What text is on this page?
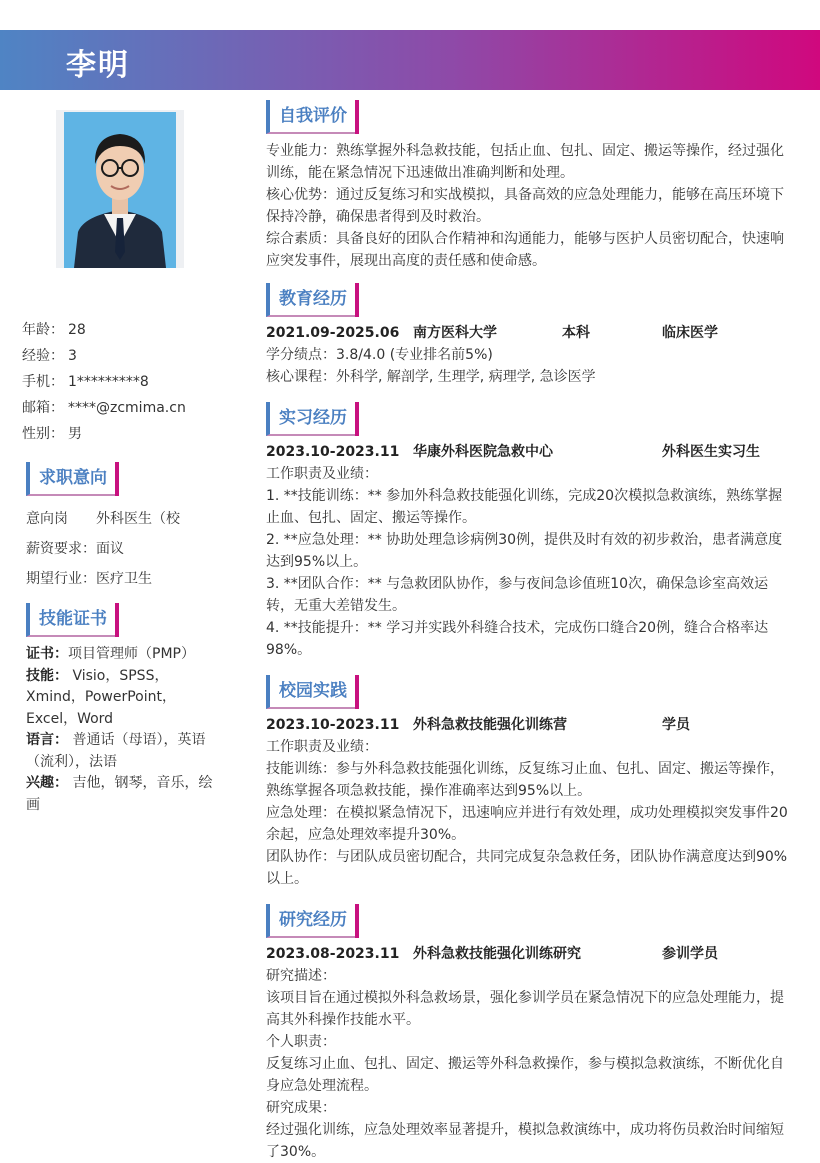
李明
年龄： 28
经验： 3
手机： 1*********8
邮箱： ****@zcmima.cn
性别： 男
求职意向
意向岗 外科医生（校
薪资要求：面议
期望行业：医疗卫生
技能证书
证书：项目管理师（PMP）
技能： Visio，SPSS，Xmind，PowerPoint，Excel，Word
语言： 普通话（母语），英语（流利），法语
兴趣： 吉他，钢琴，音乐，绘画
自我评价

专业能力：熟练掌握外科急救技能，包括止血、包扎、固定、搬运等操作，经过强化训练，能在紧急情况下迅速做出准确判断和处理。

核心优势：通过反复练习和实战模拟，具备高效的应急处理能力，能够在高压环境下保持冷静，确保患者得到及时救治。

综合素质：具备良好的团队合作精神和沟通能力，能够与医护人员密切配合，快速响应突发事件，展现出高度的责任感和使命感。

教育经历
2021.09-2025.06 南方医科大学	本科	临床医学

学分绩点：3.8/4.0 (专业排名前5%)

核心课程：外科学, 解剖学, 生理学, 病理学, 急诊医学

实习经历
2023.10-2023.11 华康外科医院急救中心	外科医生实习生

工作职责及业绩：

1. **技能训练：** 参加外科急救技能强化训练，完成20次模拟急救演练，熟练掌握止血、包扎、固定、搬运等操作。

2. **应急处理：** 协助处理急诊病例30例，提供及时有效的初步救治，患者满意度达到95%以上。

3. **团队合作：** 与急救团队协作，参与夜间急诊值班10次，确保急诊室高效运转，无重大差错发生。

4. **技能提升：** 学习并实践外科缝合技术，完成伤口缝合20例，缝合合格率达98%。

校园实践
2023.10-2023.11 外科急救技能强化训练营	学员

工作职责及业绩：

技能训练：参与外科急救技能强化训练，反复练习止血、包扎、固定、搬运等操作，熟练掌握各项急救技能，操作准确率达到95%以上。

应急处理：在模拟紧急情况下，迅速响应并进行有效处理，成功处理模拟突发事件20余起，应急处理效率提升30%。

团队协作：与团队成员密切配合，共同完成复杂急救任务，团队协作满意度达到90%以上。

研究经历
2023.08-2023.11 外科急救技能强化训练研究	参训学员

研究描述：

该项目旨在通过模拟外科急救场景，强化参训学员在紧急情况下的应急处理能力，提高其外科操作技能水平。

个人职责：

反复练习止血、包扎、固定、搬运等外科急救操作，参与模拟急救演练，不断优化自身应急处理流程。

研究成果：

经过强化训练，应急处理效率显著提升，模拟急救演练中，成功将伤员救治时间缩短了30%。
